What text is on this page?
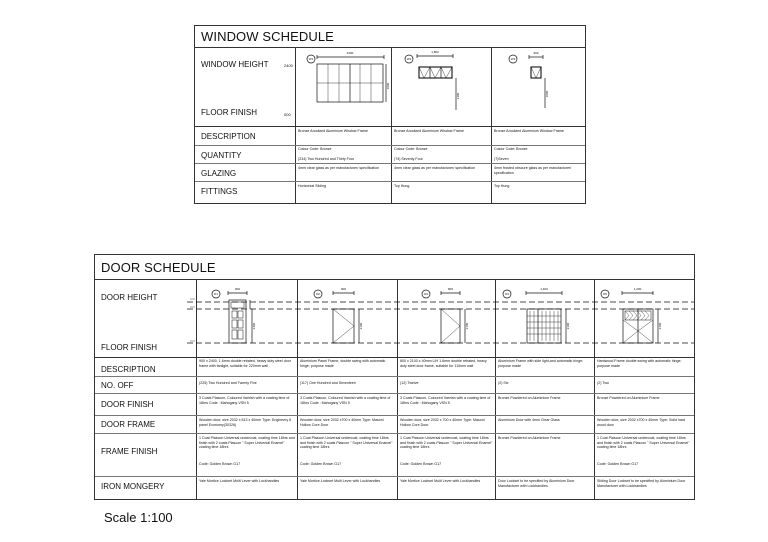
WINDOW SCHEDULE
WINDOW HEIGHT
FLOOR FINISH
DESCRIPTION
QUANTITY
GLAZING
FITTINGS
2400
000
W1
2400
1800
W2
1,800
1400
W3
600
1000
Bronze Anodized Aluminium Window Frame
Colour Code: Bronze
(234) Two Hundred and Thirty Four
4mm clear glass as per manufacturer/ specification
Horizontal Sliding
Bronze Anodized Aluminium Window Frame
Colour Code: Bronze
(74) Seventy Four
4mm clear glass as per manufacturer/ specification
Top Hung
Bronze Anodized Aluminium Window Frame
Colour Code: Bronze
(7)Seven
4mm frosted obscure glass as per manufacturer/ specification
Top Hung
DOOR SCHEDULE
DOOR HEIGHT
FLOOR FINISH
DESCRIPTION
NO. OFF
DOOR FINISH
DOOR FRAME
FRAME FINISH
IRON MONGERY
D1
900
2400
D2
900
2100
D3
800
2100
D4
1,400
2100
D5
1,200
2100
900 x 2400, 1.6mm double rebated, heavy duty steel door frame with fanlight, suitable for 220mm wall
(225) Two Hundred and Twenty Five
3 Coats Plascon, Coloured Varnish with a coating time of 18hrs Code : Mahogany VSN 5
Wooden door, size 2032 x 813 x 40mm Type: Engineery 6 panel Economy(30326)
1 Coat Plascon Universal undercoat, coating time 18hrs and finish with 2 coats Plascon " Super Universal Enamel" coating time 18hrs
Code: Golden Brown G17
Yale Mortice Lockset Multi Lever with Lockhandles
Aluminium Panel Frame, double swing with automatic hinge; purpose made
(117) One Hundred and Seventeen
3 Coats Plascon, Coloured Varnish with a coating time of 18hrs Code : Mahogany VSN 5
Wooden door, size 2032 x700 x 40mm Type: Masoni Hollow Core Door
1 Coat Plascon Universal undercoat, coating time 18hrs and finish with 2 coats Plascon " Super Universal Enamel" coating time 18hrs
Code: Golden Brown G17
Yale Mortice Lockset Multi Lever with Lockhandles
800 x 2100 x 40mm LIH 1.6mm double rebated, heavy duty steel door frame, suitable for 110mm wall
(12) Twelve
3 Coats Plascon, Coloured Varnish with a coating time of 18hrs Code : Mahogany VSN 5
Wooden door, size 2032 x 700 x 40mm Type: Masoni Hollow Core Door
1 Coat Plascon Universal undercoat, coating time 18hrs and finish with 2 coats Plascon " Super Universal Enamel" coating time 18hrs
Code: Golden Brown G17
Yale Mortice Lockset Multi Lever with Lockhandles
Aluminium Frame with side light,and automatic hinge; purpose made
(2) Six
Bronze Powdered on Aluminium Frame
Aluminium Door with 4mm Clear Glass
Bronze Powdered on Aluminium Frame
Door Lockset to be specified by Aluminium Door Manufacturer with Lockhandles
Hardwood Frame double swing with automatic hinge; purpose made
(2) Two
Bronze Powdered on Aluminium Frame
Wooden door, size 2032 x700 x 40mm Type: Solid hard wood door
1 Coat Plascon Universal undercoat, coating time 18hrs and finish with 2 coats Plascon " Super Universal Enamel" coating time 18hrs
Code: Golden Brown G17
Sliding Door Lockset to be specified by Aluminium Door Manufacturer with Lockhandles
Scale 1:100
